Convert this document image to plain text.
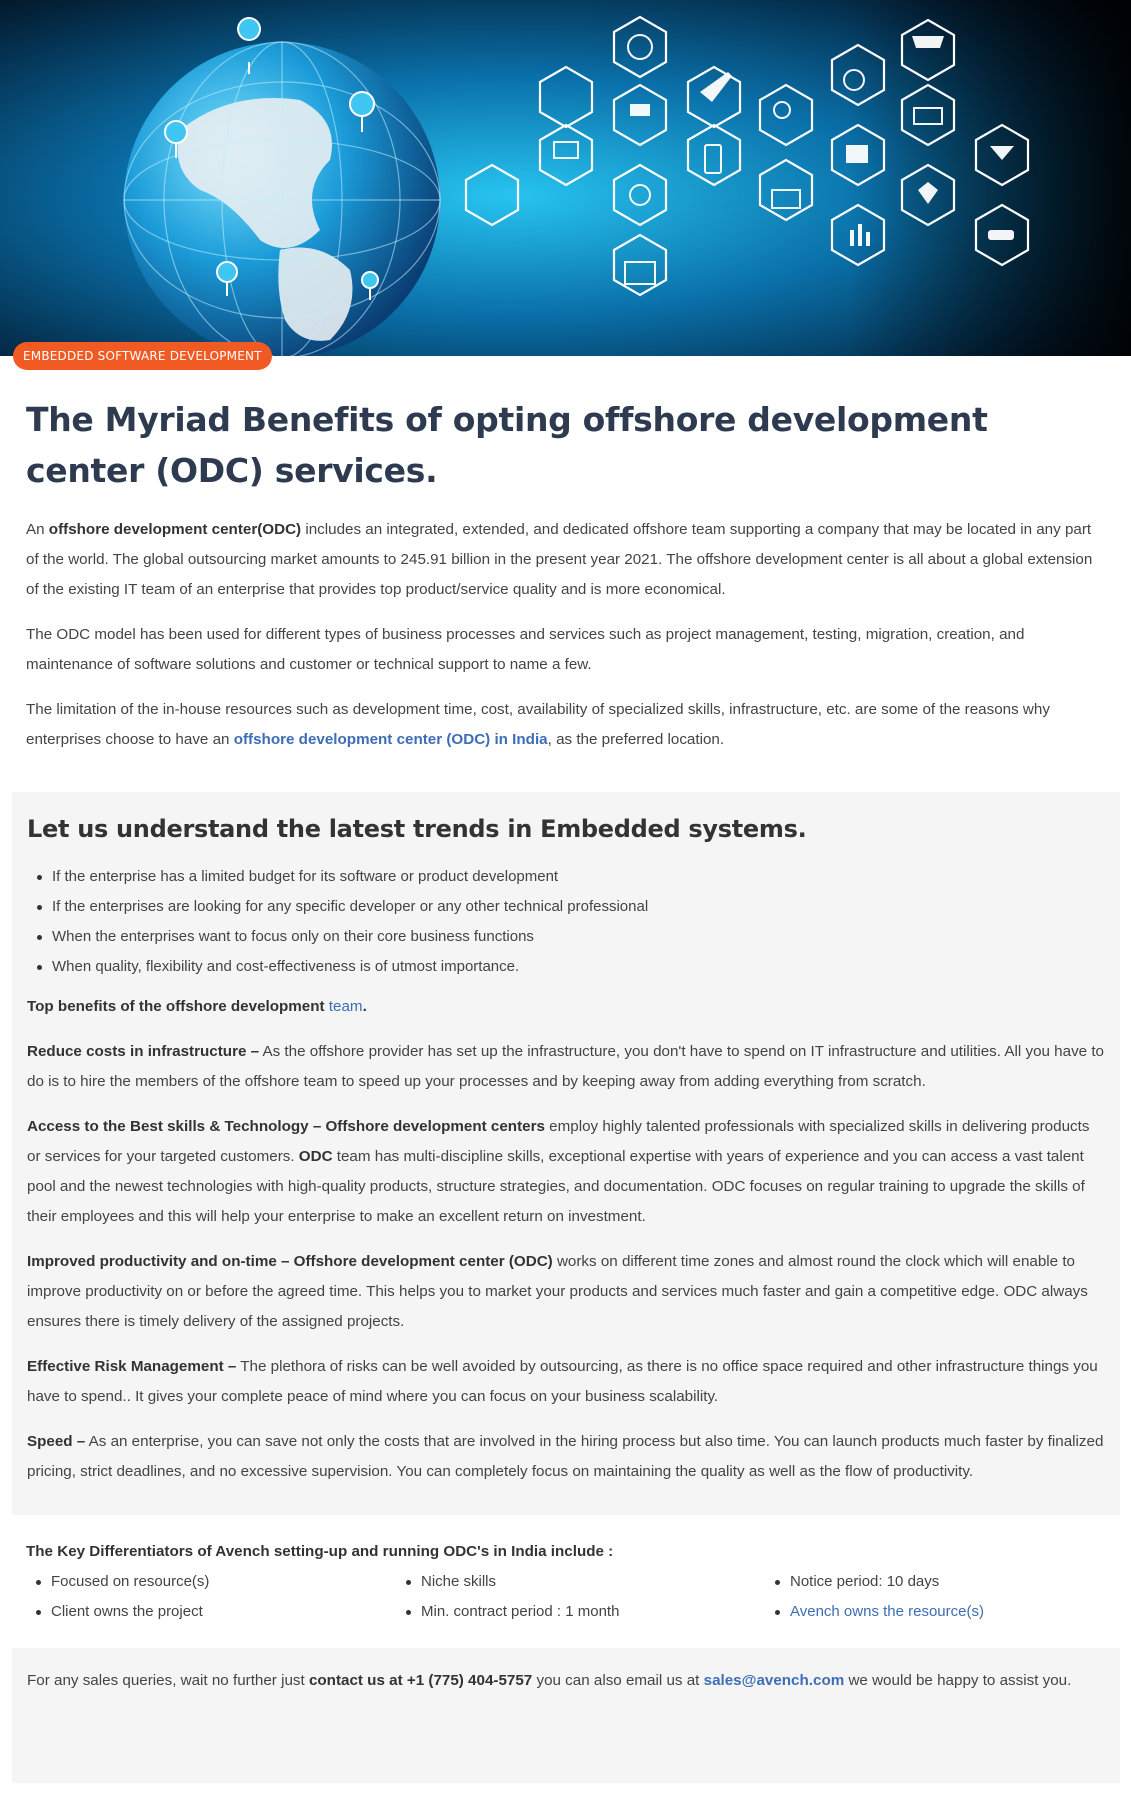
EMBEDDED SOFTWARE DEVELOPMENT
The Myriad Benefits of opting offshore development center (ODC) services.

An offshore development center(ODC) includes an integrated, extended, and dedicated offshore team supporting a company that may be located in any part of the world. The global outsourcing market amounts to 245.91 billion in the present year 2021. The offshore development center is all about a global extension of the existing IT team of an enterprise that provides top product/service quality and is more economical.

The ODC model has been used for different types of business processes and services such as project management, testing, migration, creation, and maintenance of software solutions and customer or technical support to name a few.

The limitation of the in-house resources such as development time, cost, availability of specialized skills, infrastructure, etc. are some of the reasons why enterprises choose to have an offshore development center (ODC) in India, as the preferred location.

Let us understand the latest trends in Embedded systems.
If the enterprise has a limited budget for its software or product development
If the enterprises are looking for any specific developer or any other technical professional
When the enterprises want to focus only on their core business functions
When quality, flexibility and cost-effectiveness is of utmost importance.

Top benefits of the offshore development team.

Reduce costs in infrastructure – As the offshore provider has set up the infrastructure, you don't have to spend on IT infrastructure and utilities. All you have to do is to hire the members of the offshore team to speed up your processes and by keeping away from adding everything from scratch.

Access to the Best skills & Technology – Offshore development centers employ highly talented professionals with specialized skills in delivering products or services for your targeted customers. ODC team has multi-discipline skills, exceptional expertise with years of experience and you can access a vast talent pool and the newest technologies with high-quality products, structure strategies, and documentation. ODC focuses on regular training to upgrade the skills of their employees and this will help your enterprise to make an excellent return on investment.

Improved productivity and on-time – Offshore development center (ODC) works on different time zones and almost round the clock which will enable to improve productivity on or before the agreed time. This helps you to market your products and services much faster and gain a competitive edge. ODC always ensures there is timely delivery of the assigned projects.

Effective Risk Management – The plethora of risks can be well avoided by outsourcing, as there is no office space required and other infrastructure things you have to spend.. It gives your complete peace of mind where you can focus on your business scalability.

Speed – As an enterprise, you can save not only the costs that are involved in the hiring process but also time. You can launch products much faster by finalized pricing, strict deadlines, and no excessive supervision. You can completely focus on maintaining the quality as well as the flow of productivity.

The Key Differentiators of Avench setting-up and running ODC's in India include :
Focused on resource(s)
Client owns the project
Niche skills
Min. contract period : 1 month
Notice period: 10 days
Avench owns the resource(s)

For any sales queries, wait no further just contact us at +1 (775) 404-5757 you can also email us at sales@avench.com we would be happy to assist you.
